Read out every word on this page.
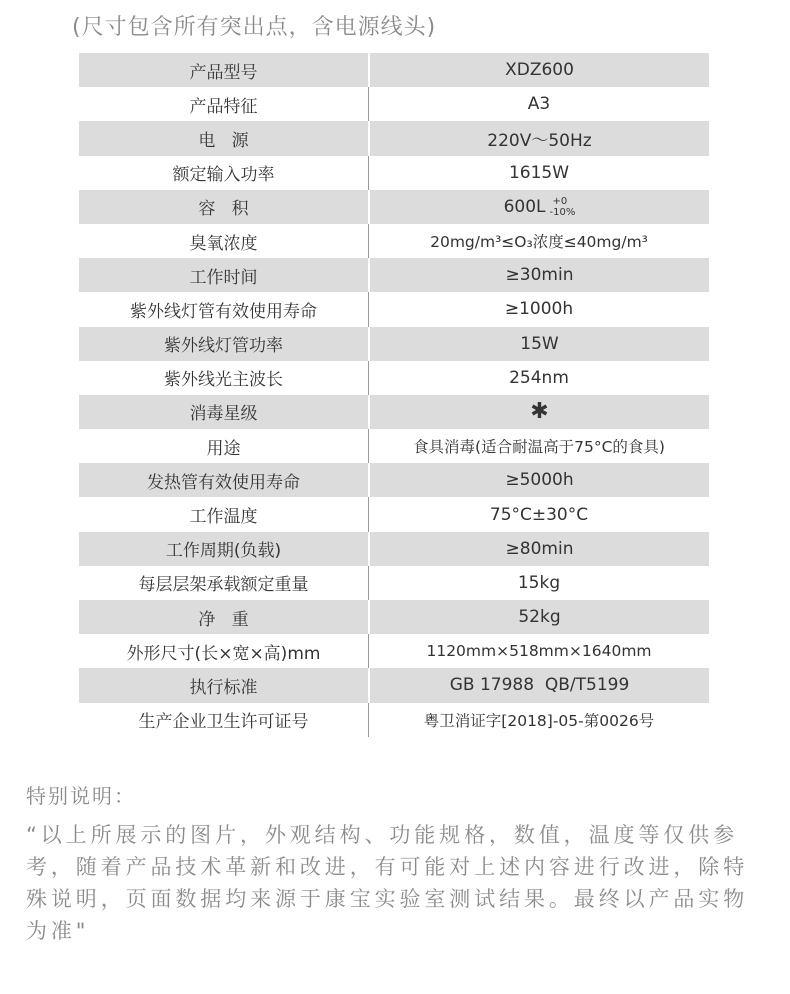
(尺寸包含所有突出点，含电源线头)
产品型号	XDZ600
产品特征	A3
电   源	220V～50Hz
额定输入功率	1615W
容   积	600L +0
-10%
臭氧浓度	20mg/m³≤O₃浓度≤40mg/m³
工作时间	≥30min
紫外线灯管有效使用寿命	≥1000h
紫外线灯管功率	15W
紫外线光主波长	254nm
消毒星级	✱
用途	食具消毒(适合耐温高于75°C的食具)
发热管有效使用寿命	≥5000h
工作温度	75°C±30°C
工作周期(负载)	≥80min
每层层架承载额定重量	15kg
净   重	52kg
外形尺寸(长×宽×高)mm	1120mm×518mm×1640mm
执行标准	GB 17988  QB/T5199
生产企业卫生许可证号	粤卫消证字[2018]-05-第0026号
特别说明：
“以上所展示的图片，外观结构、功能规格，数值，温度等仅供参考，随着产品技术革新和改进，有可能对上述内容进行改进，除特殊说明，页面数据均来源于康宝实验室测试结果。最终以产品实物为准"
